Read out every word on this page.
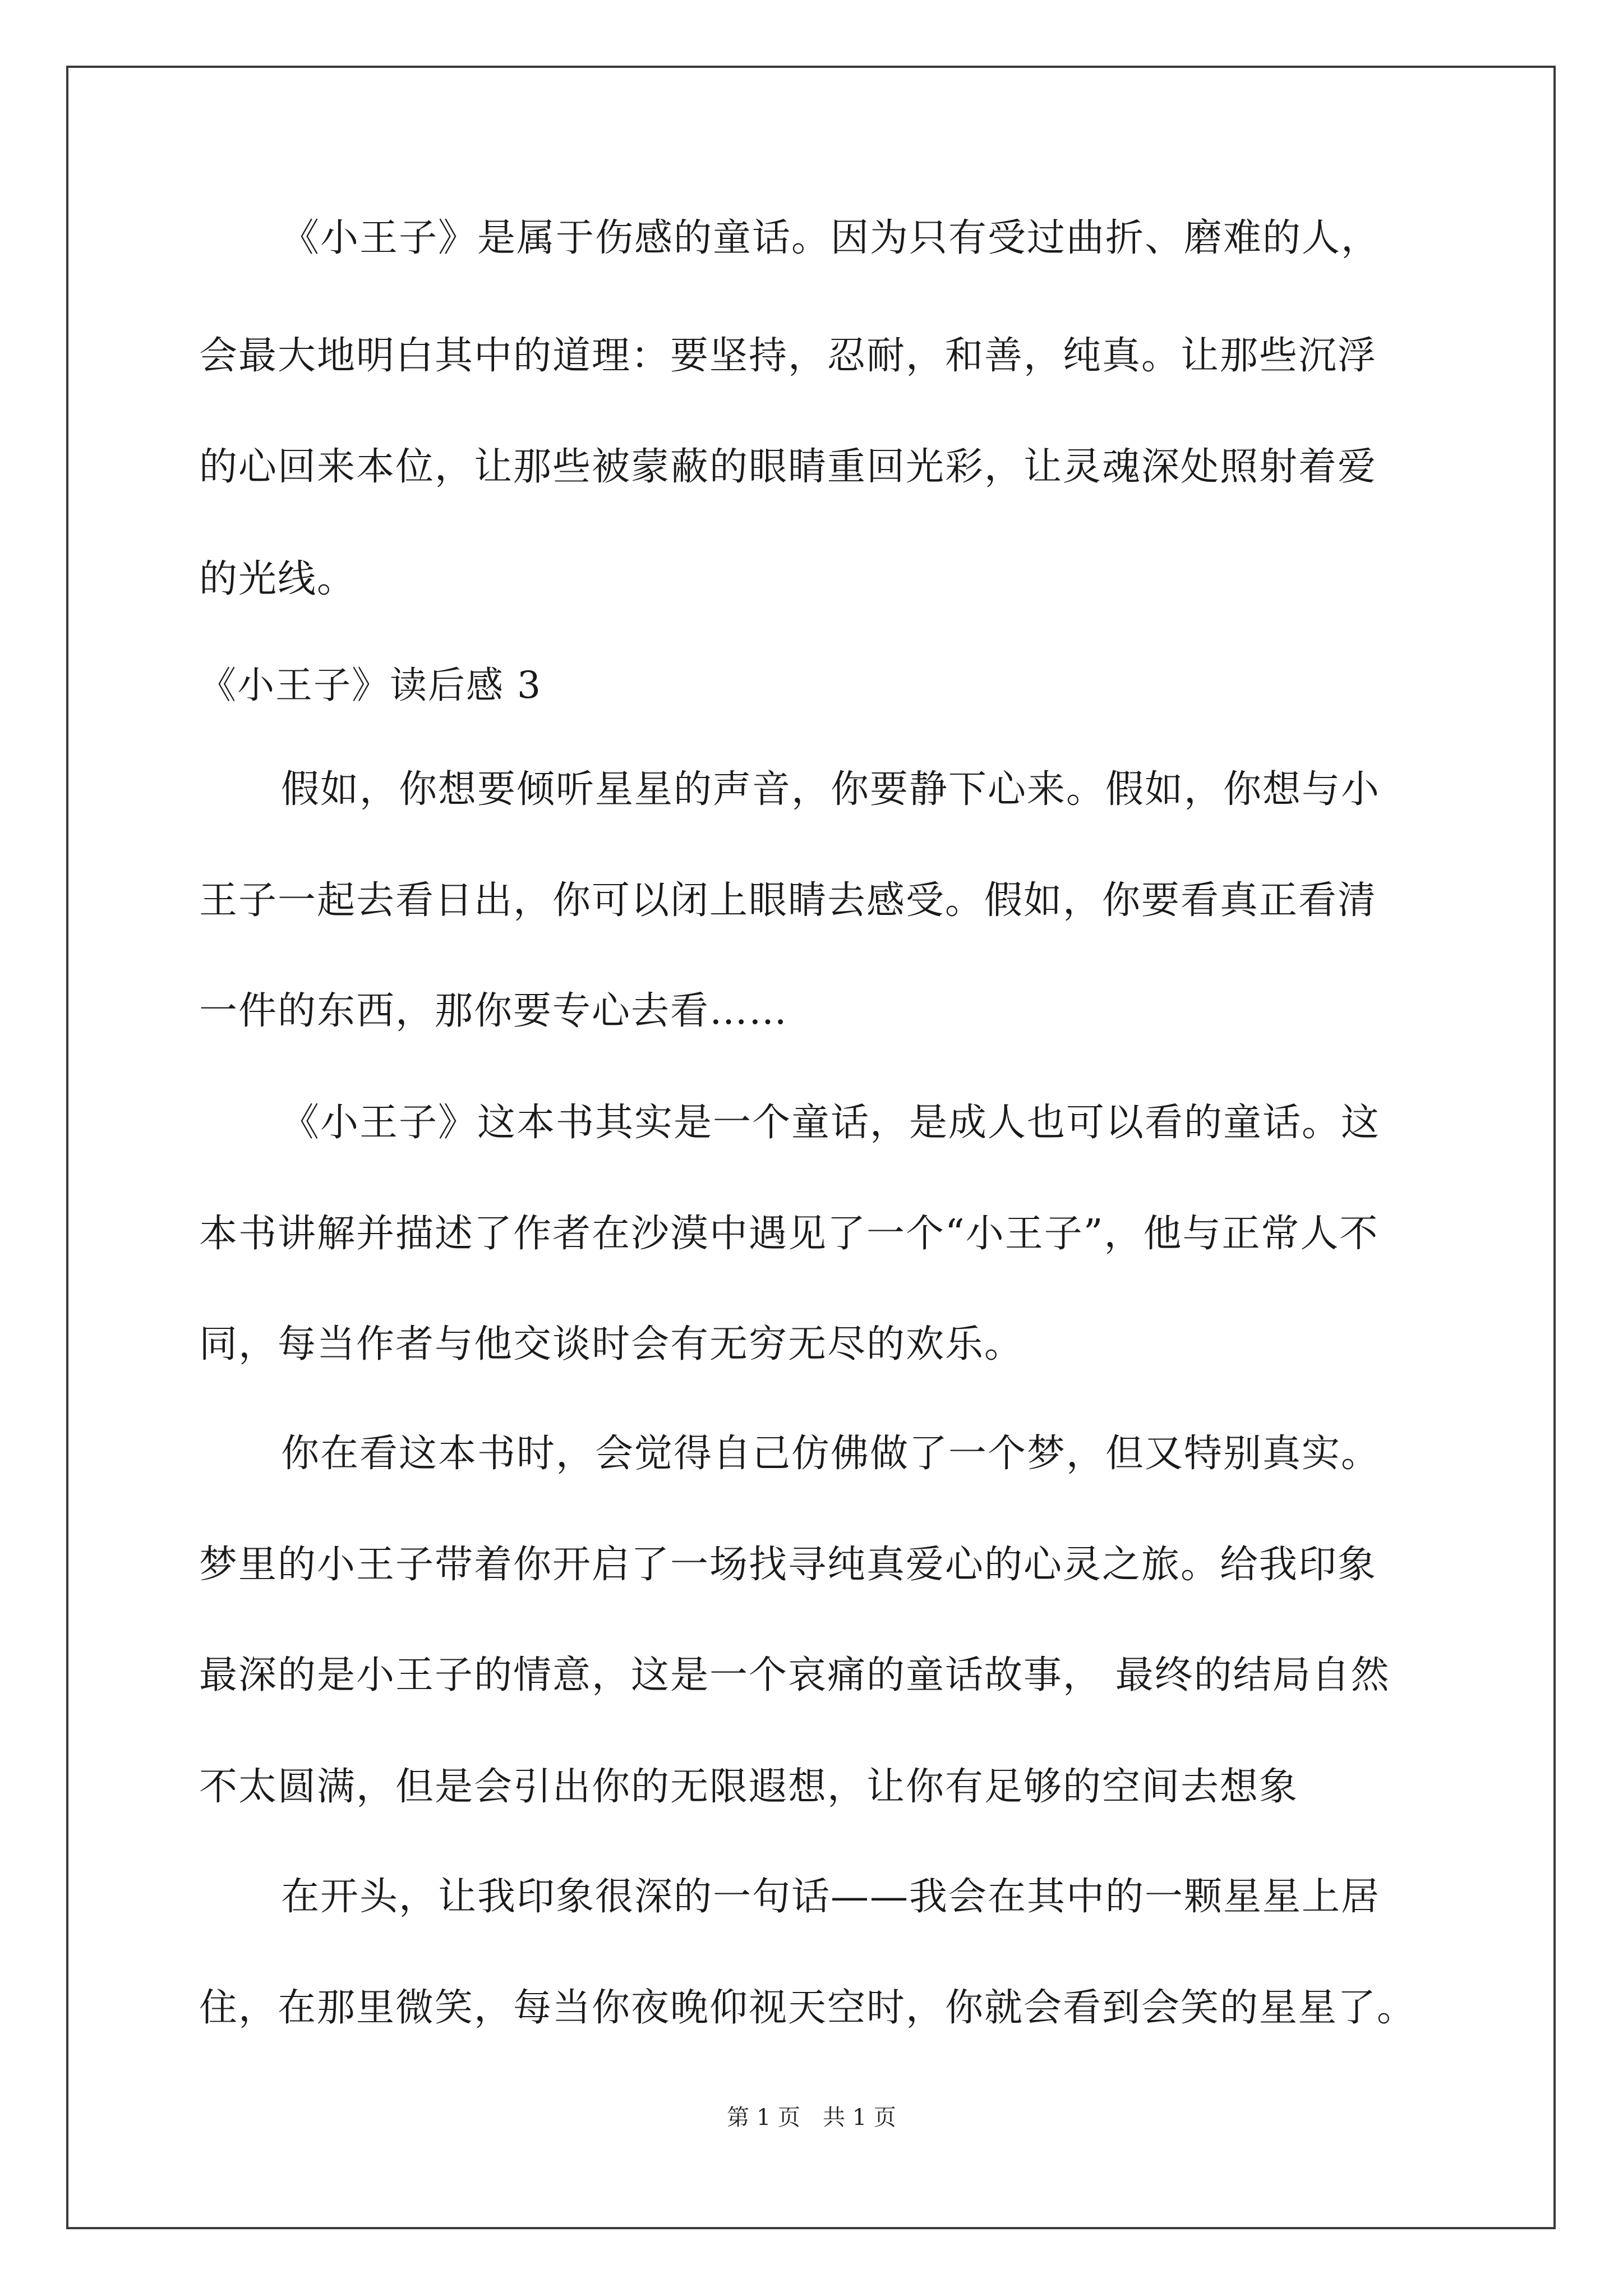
《小王子》是属于伤感的童话。因为只有受过曲折、磨难的人，
会最大地明白其中的道理：要坚持，忍耐，和善，纯真。让那些沉浮
的心回来本位，让那些被蒙蔽的眼睛重回光彩，让灵魂深处照射着爱
的光线。
《小王子》读后感 3
假如，你想要倾听星星的声音，你要静下心来。假如，你想与小
王子一起去看日出，你可以闭上眼睛去感受。假如，你要看真正看清
一件的东西，那你要专心去看……
《小王子》这本书其实是一个童话，是成人也可以看的童话。这
本书讲解并描述了作者在沙漠中遇见了一个“小王子”，他与正常人不
同，每当作者与他交谈时会有无穷无尽的欢乐。
你在看这本书时，会觉得自己仿佛做了一个梦，但又特别真实。
梦里的小王子带着你开启了一场找寻纯真爱心的心灵之旅。给我印象
最深的是小王子的情意，这是一个哀痛的童话故事， 最终的结局自然
不太圆满，但是会引出你的无限遐想，让你有足够的空间去想象
在开头，让我印象很深的一句话——我会在其中的一颗星星上居
住，在那里微笑，每当你夜晚仰视天空时，你就会看到会笑的星星了。
第 1 页　共 1 页
